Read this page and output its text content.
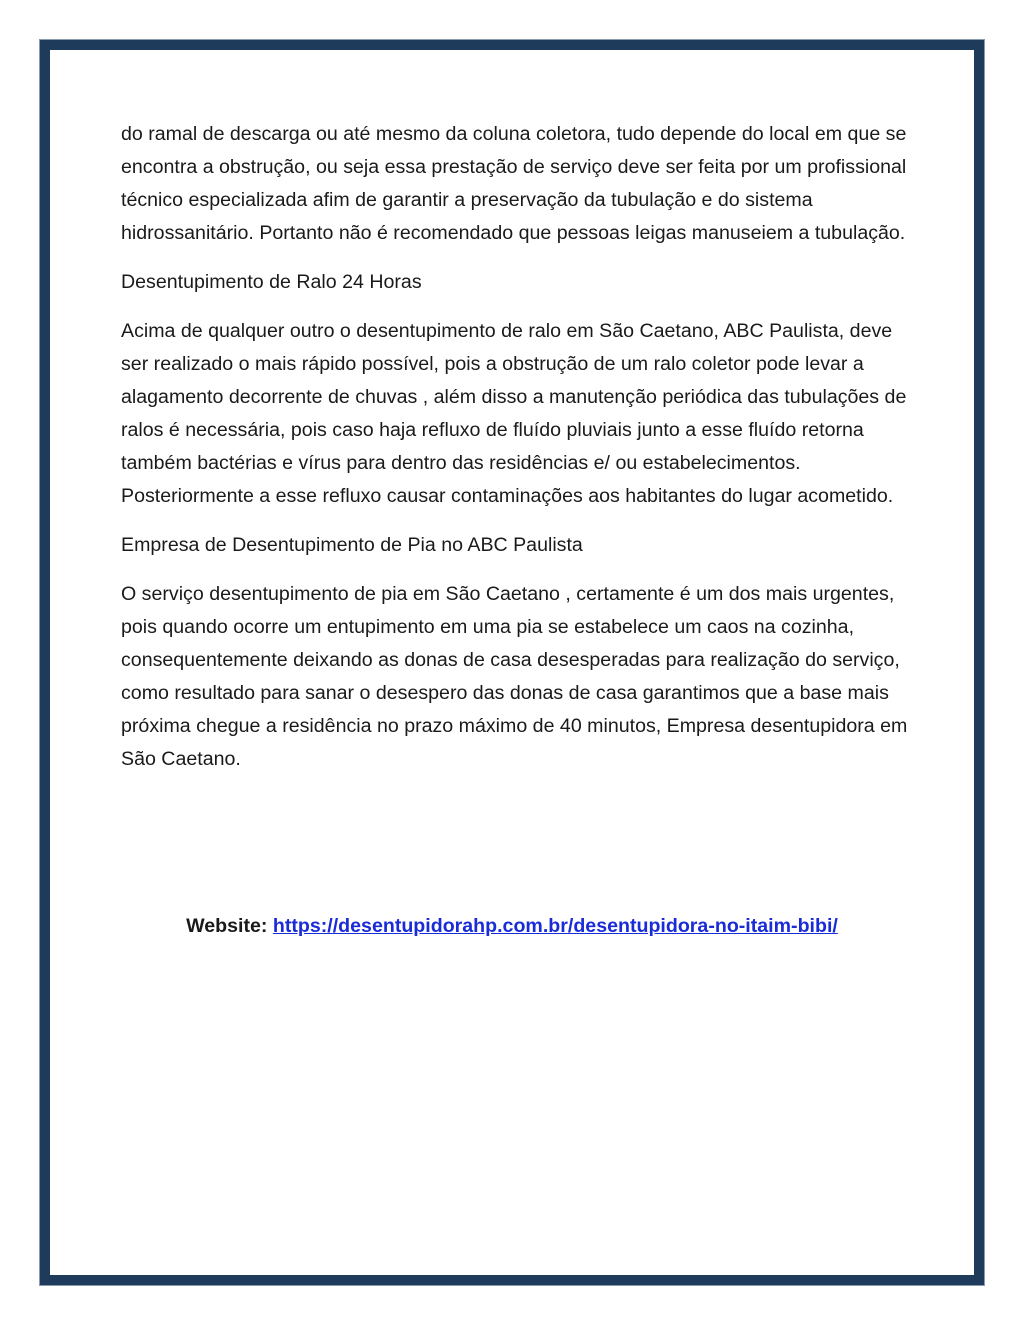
do ramal de descarga ou até mesmo da coluna coletora, tudo depende do local em que se encontra a obstrução, ou seja essa prestação de serviço deve ser feita por um profissional técnico especializada afim de garantir a preservação da tubulação e do sistema hidrossanitário. Portanto não é recomendado que pessoas leigas manuseiem a tubulação.

Desentupimento de Ralo 24 Horas

Acima de qualquer outro o desentupimento de ralo em São Caetano, ABC Paulista, deve ser realizado o mais rápido possível, pois a obstrução de um ralo coletor pode levar a alagamento decorrente de chuvas , além disso a manutenção periódica das tubulações de ralos é necessária, pois caso haja refluxo de fluído pluviais junto a esse fluído retorna também bactérias e vírus para dentro das residências e/ ou estabelecimentos. Posteriormente a esse refluxo causar contaminações aos habitantes do lugar acometido.

Empresa de Desentupimento de Pia no ABC Paulista

O serviço desentupimento de pia em São Caetano , certamente é um dos mais urgentes, pois quando ocorre um entupimento em uma pia se estabelece um caos na cozinha, consequentemente deixando as donas de casa desesperadas para realização do serviço, como resultado para sanar o desespero das donas de casa garantimos que a base mais próxima chegue a residência no prazo máximo de 40 minutos, Empresa desentupidora em São Caetano.

Website: https://desentupidorahp.com.br/desentupidora-no-itaim-bibi/
